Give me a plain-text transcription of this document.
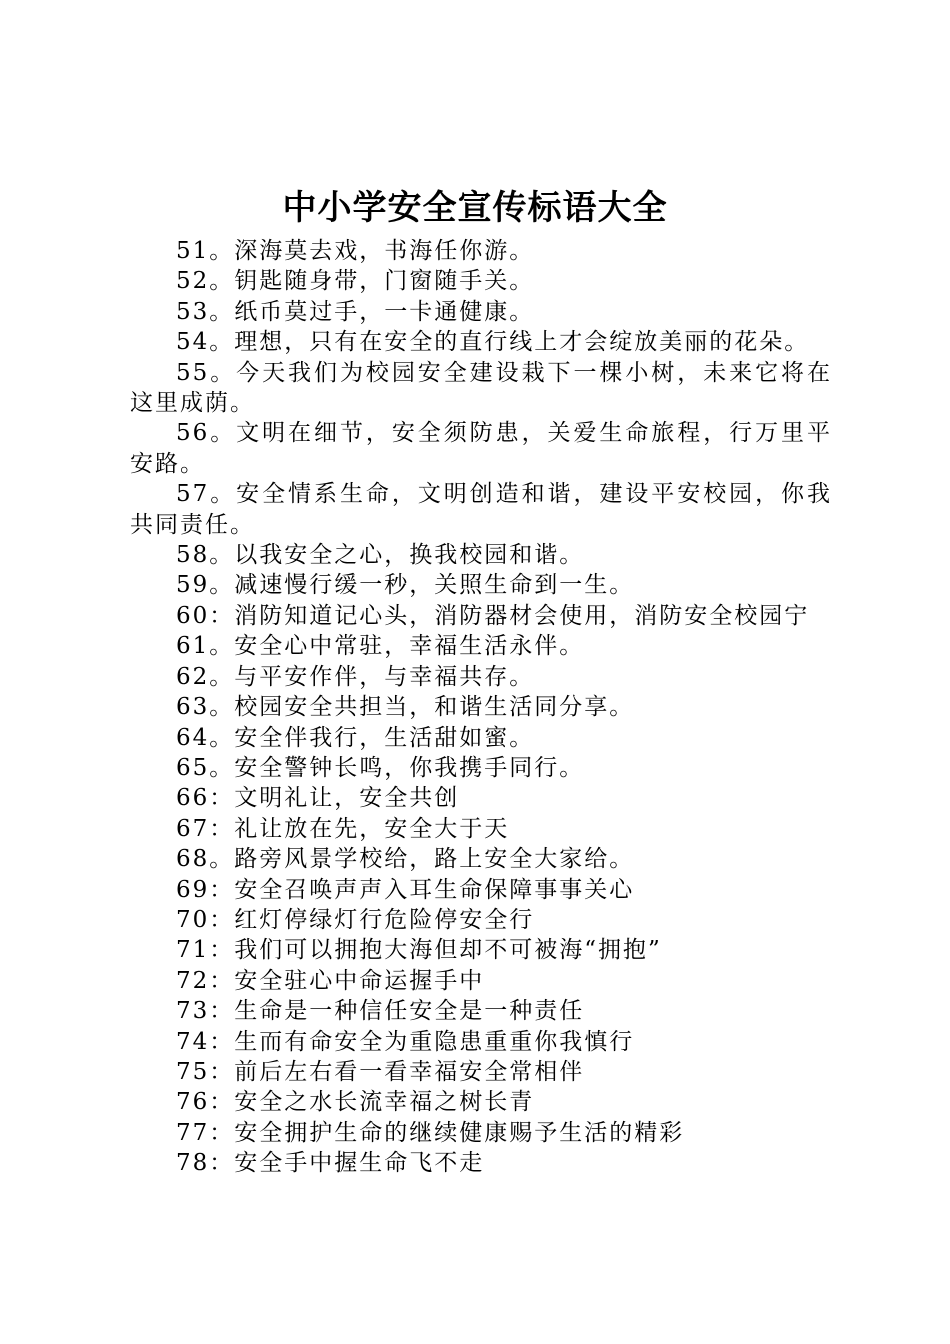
中小学安全宣传标语大全

51。深海莫去戏，书海任你游。

52。钥匙随身带，门窗随手关。

53。纸币莫过手，一卡通健康。

54。理想，只有在安全的直行线上才会绽放美丽的花朵。

55。今天我们为校园安全建设栽下一棵小树，未来它将在这里成荫。

56。文明在细节，安全须防患，关爱生命旅程，行万里平安路。

57。安全情系生命，文明创造和谐，建设平安校园，你我共同责任。

58。以我安全之心，换我校园和谐。

59。减速慢行缓一秒，关照生命到一生。

60：消防知道记心头，消防器材会使用，消防安全校园宁

61。安全心中常驻，幸福生活永伴。

62。与平安作伴，与幸福共存。

63。校园安全共担当，和谐生活同分享。

64。安全伴我行，生活甜如蜜。

65。安全警钟长鸣，你我携手同行。

66：文明礼让，安全共创

67：礼让放在先，安全大于天

68。路旁风景学校给，路上安全大家给。

69：安全召唤声声入耳生命保障事事关心

70：红灯停绿灯行危险停安全行

71：我们可以拥抱大海但却不可被海“拥抱”

72：安全驻心中命运握手中

73：生命是一种信任安全是一种责任

74：生而有命安全为重隐患重重你我慎行

75：前后左右看一看幸福安全常相伴

76：安全之水长流幸福之树长青

77：安全拥护生命的继续健康赐予生活的精彩

78：安全手中握生命飞不走
